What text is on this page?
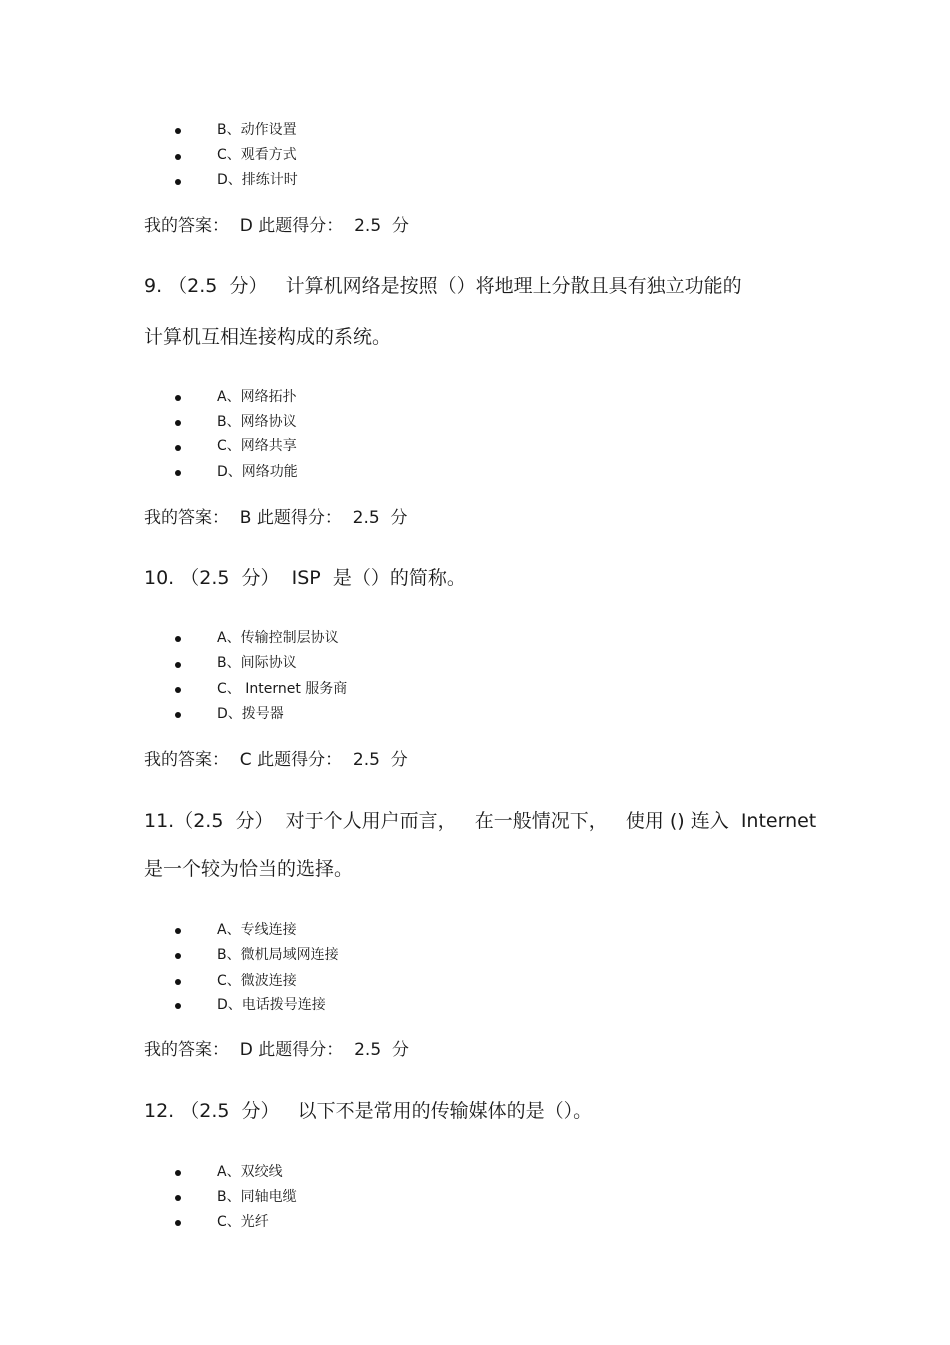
B、动作设置
C、观看方式
D、排练计时
我的答案：  D 此题得分：  2.5  分
9. （2.5  分）   计算机网络是按照（）将地理上分散且具有独立功能的
计算机互相连接构成的系统。
A、网络拓扑
B、网络协议
C、网络共享
D、网络功能
我的答案：  B 此题得分：  2.5  分
10. （2.5  分）  ISP  是（）的简称。
A、传输控制层协议
B、间际协议
C、 Internet 服务商
D、拨号器
我的答案：  C 此题得分：  2.5  分
11.（2.5  分）  对于个人用户而言，   在一般情况下，   使用 () 连入  Internet
是一个较为恰当的选择。
A、专线连接
B、微机局域网连接
C、微波连接
D、电话拨号连接
我的答案：  D 此题得分：  2.5  分
12. （2.5  分）   以下不是常用的传输媒体的是（）。
A、双绞线
B、同轴电缆
C、光纤
